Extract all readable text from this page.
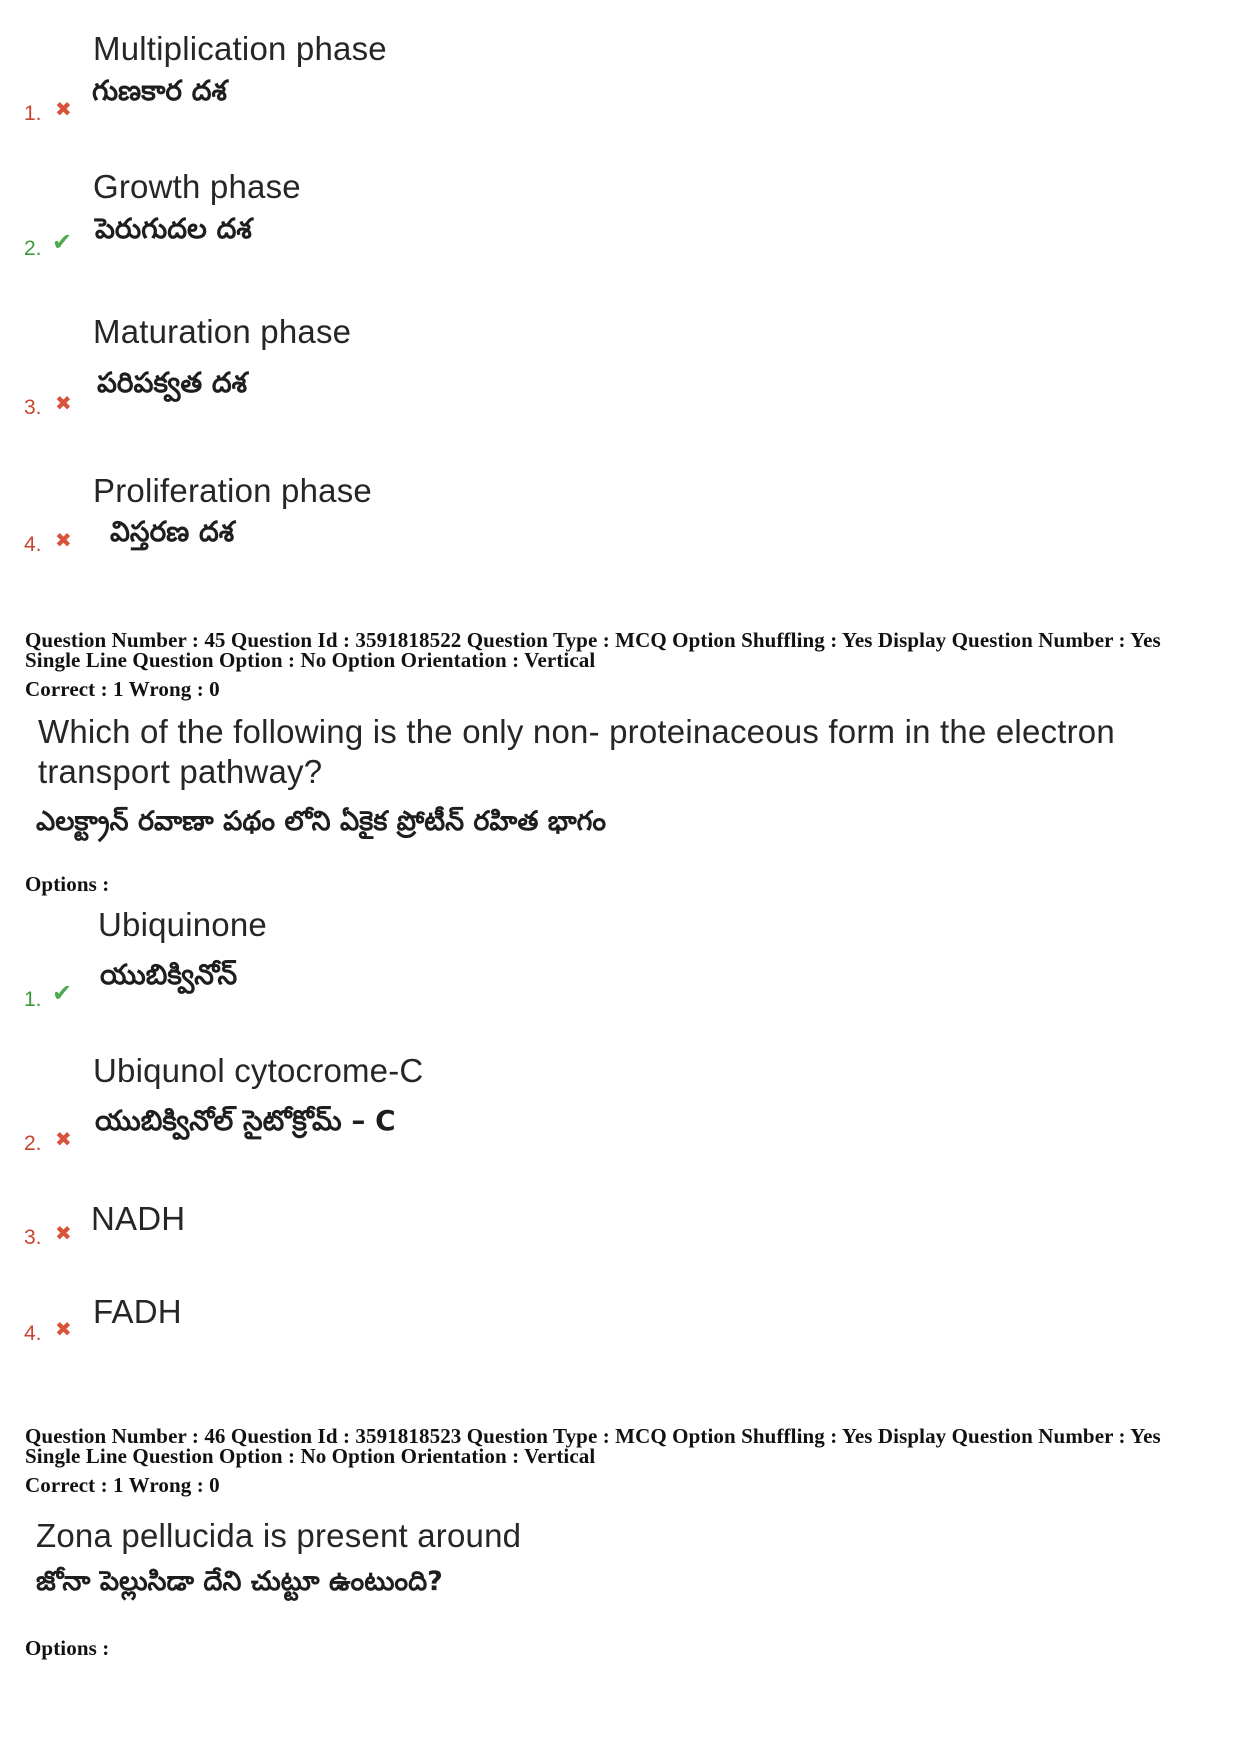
Multiplication phase
గుణకార దశ
1. ✖
Growth phase
పెరుగుదల దశ
2. ✔
Maturation phase
పరిపక్వత దశ
3. ✖
Proliferation phase
విస్తరణ దశ
4. ✖
Question Number : 45 Question Id : 3591818522 Question Type : MCQ Option Shuffling : Yes Display Question Number : Yes
Single Line Question Option : No Option Orientation : Vertical
Correct : 1 Wrong : 0
Which of the following is the only non- proteinaceous form in the electron transport pathway?
ఎలక్ట్రాన్ రవాణా పథం లోని ఏకైక ప్రోటీన్ రహిత భాగం
Options :
Ubiquinone
యుబిక్వినోన్
1. ✔
Ubiqunol cytocrome-C
యుబిక్వినోల్ సైటోక్రోమ్ – C
2. ✖
NADH
3. ✖
FADH
4. ✖
Question Number : 46 Question Id : 3591818523 Question Type : MCQ Option Shuffling : Yes Display Question Number : Yes
Single Line Question Option : No Option Orientation : Vertical
Correct : 1 Wrong : 0
Zona pellucida is present around
జోనా పెల్లుసిడా దేని చుట్టూ ఉంటుంది?
Options :
